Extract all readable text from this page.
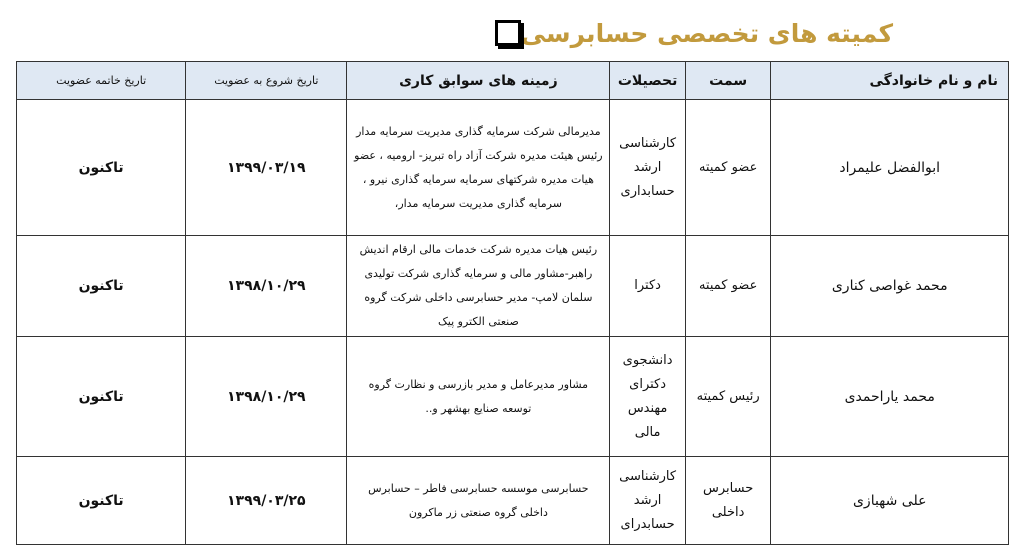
کمیته های تخصصی حسابرسی
نام و نام خانوادگی	سمت	تحصیلات	زمینه های سوابق کاری	تاریخ شروع به عضویت	تاریخ خاتمه عضویت
ابوالفضل علیمراد	عضو کمیته	کارشناسی ارشد حسابداری	مدیرمالی شرکت سرمایه گذاری مدیریت سرمایه مدار رئیس هیئت مدیره شرکت آزاد راه تبریز- ارومیه ، عضو هیات مدیره شرکتهای سرمایه سرمایه گذاری نیرو ، سرمایه گذاری مدیریت سرمایه مدار،	۱۳۹۹/۰۳/۱۹	تاکنون
محمد غواصی کناری	عضو کمیته	دکترا	رئیس هیات مدیره شرکت خدمات مالی ارقام اندیش راهبر-مشاور مالی و سرمایه گذاری شرکت تولیدی سلمان لامپ- مدیر حسابرسی داخلی شرکت گروه صنعتی الکترو پیک	۱۳۹۸/۱۰/۲۹	تاکنون
محمد یاراحمدی	رئیس کمیته	دانشجوی دکترای مهندس مالی	مشاور مدیرعامل و مدیر بازرسی و نظارت گروه توسعه صنایع بهشهر و..	۱۳۹۸/۱۰/۲۹	تاکنون
علی شهبازی	حسابرس داخلی	کارشناسی ارشد حسابدرای	حسابرسی موسسه حسابرسی فاطر – حسابرس داخلی گروه صنعتی زر ماکرون	۱۳۹۹/۰۳/۲۵	تاکنون
